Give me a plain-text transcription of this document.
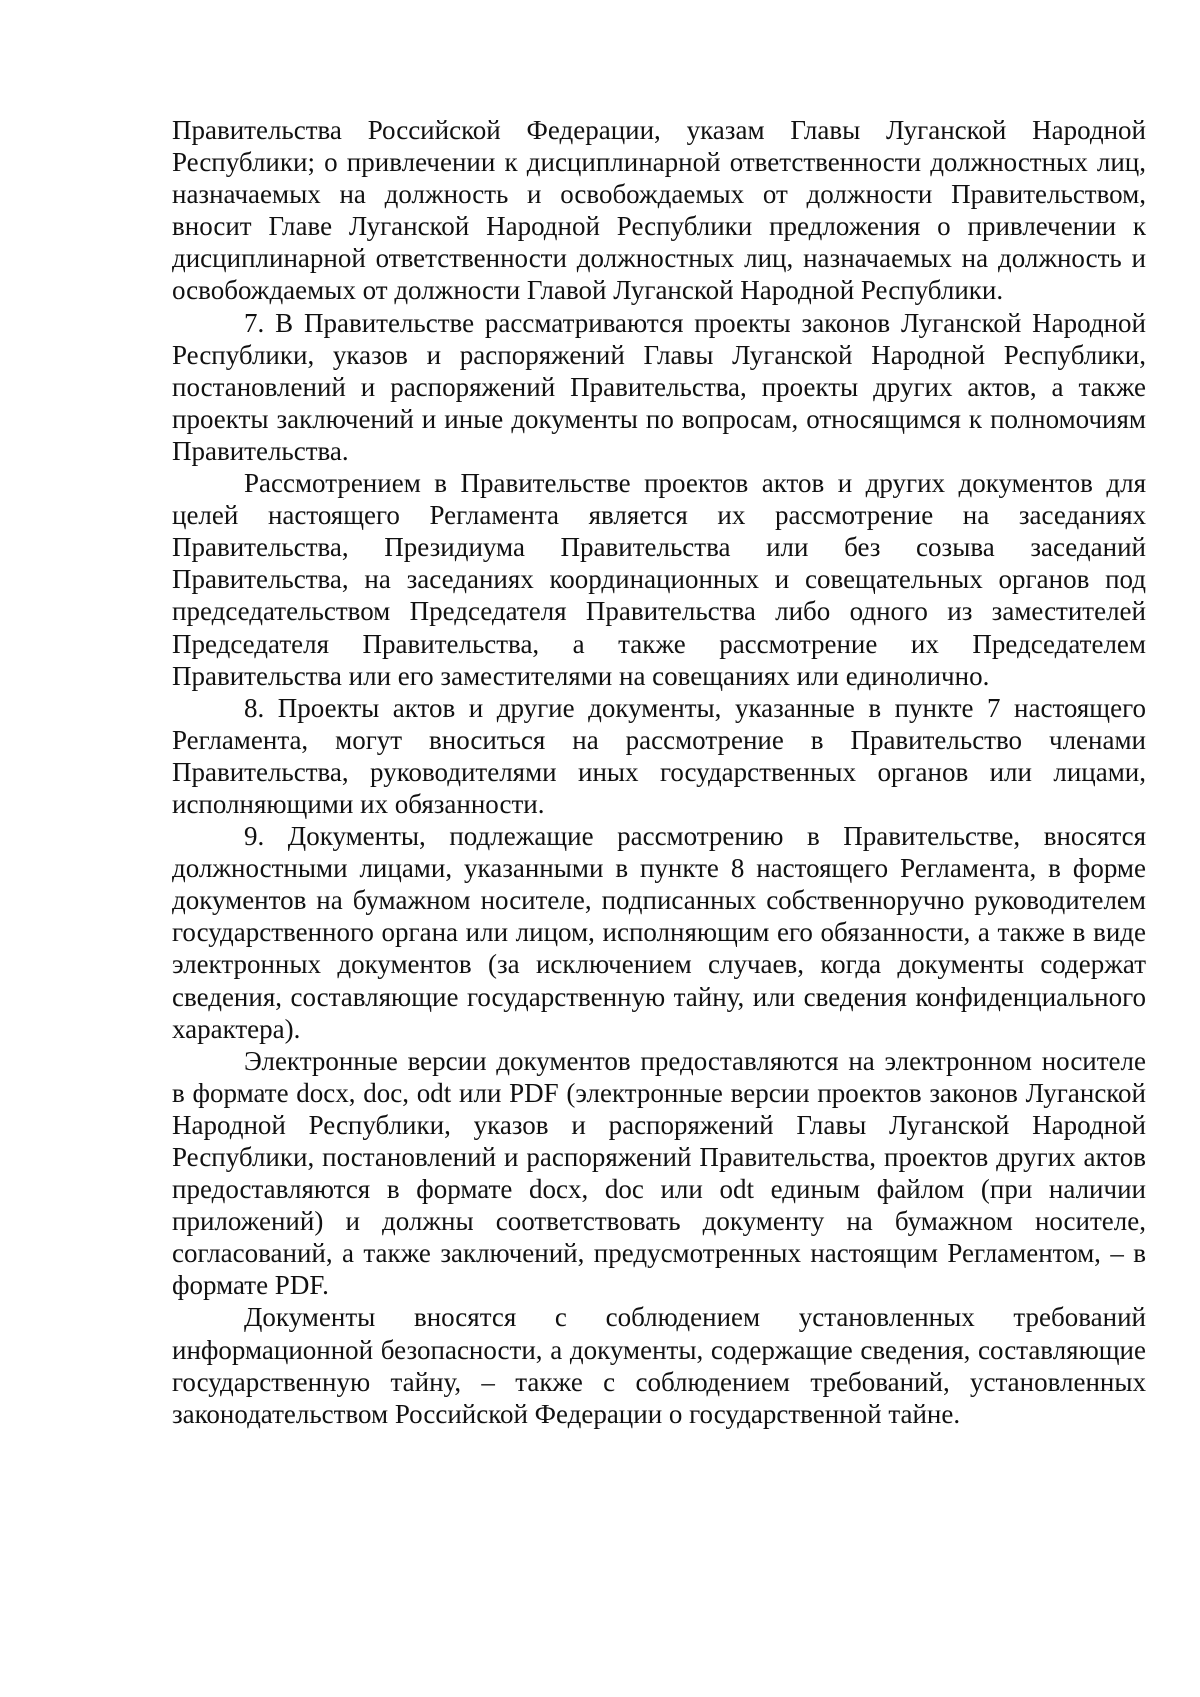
Правительства Российской Федерации, указам Главы Луганской Народной Республики; о привлечении к дисциплинарной ответственности должностных лиц, назначаемых на должность и освобождаемых от должности Правительством, вносит Главе Луганской Народной Республики предложения о привлечении к дисциплинарной ответственности должностных лиц, назначаемых на должность и освобождаемых от должности Главой Луганской Народной Республики.

7. В Правительстве рассматриваются проекты законов Луганской Народной Республики, указов и распоряжений Главы Луганской Народной Республики, постановлений и распоряжений Правительства, проекты других актов, а также проекты заключений и иные документы по вопросам, относящимся к полномочиям Правительства.

Рассмотрением в Правительстве проектов актов и других документов для целей настоящего Регламента является их рассмотрение на заседаниях Правительства, Президиума Правительства или без созыва заседаний Правительства, на заседаниях координационных и совещательных органов под председательством Председателя Правительства либо одного из заместителей Председателя Правительства, а также рассмотрение их Председателем Правительства или его заместителями на совещаниях или единолично.

8. Проекты актов и другие документы, указанные в пункте 7 настоящего Регламента, могут вноситься на рассмотрение в Правительство членами Правительства, руководителями иных государственных органов или лицами, исполняющими их обязанности.

9. Документы, подлежащие рассмотрению в Правительстве, вносятся должностными лицами, указанными в пункте 8 настоящего Регламента, в форме документов на бумажном носителе, подписанных собственноручно руководителем государственного органа или лицом, исполняющим его обязанности, а также в виде электронных документов (за исключением случаев, когда документы содержат сведения, составляющие государственную тайну, или сведения конфиденциального характера).

Электронные версии документов предоставляются на электронном носителе в формате docx, doc, odt или PDF (электронные версии проектов законов Луганской Народной Республики, указов и распоряжений Главы Луганской Народной Республики, постановлений и распоряжений Правительства, проектов других актов предоставляются в формате docx, doc или odt единым файлом (при наличии приложений) и должны соответствовать документу на бумажном носителе, согласований, а также заключений, предусмотренных настоящим Регламентом, – в формате PDF.

Документы вносятся с соблюдением установленных требований информационной безопасности, а документы, содержащие сведения, составляющие государственную тайну, – также с соблюдением требований, установленных законодательством Российской Федерации о государственной тайне.
